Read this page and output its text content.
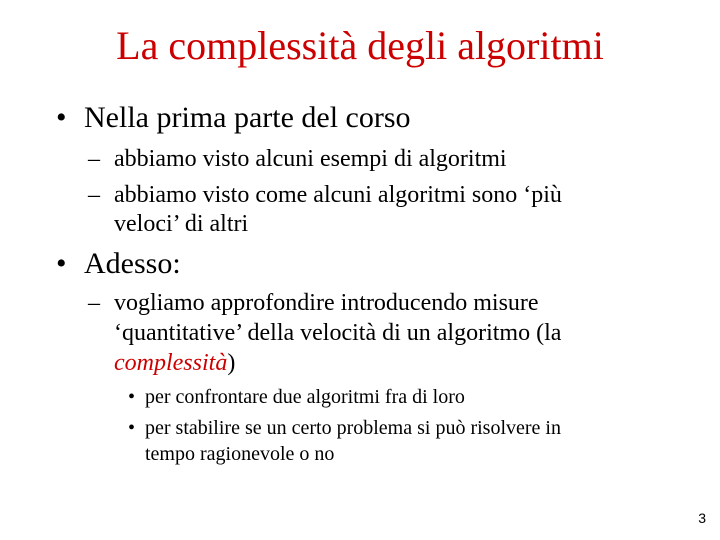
La complessità degli algoritmi
• Nella prima parte del corso
– abbiamo visto alcuni esempi di algoritmi
– abbiamo visto come alcuni algoritmi sono ‘più
veloci’ di altri
• Adesso:
– vogliamo approfondire introducendo misure
‘quantitative’ della velocità di un algoritmo (la
complessità)
• per confrontare due algoritmi fra di loro
• per stabilire se un certo problema si può risolvere in
tempo ragionevole o no
3
